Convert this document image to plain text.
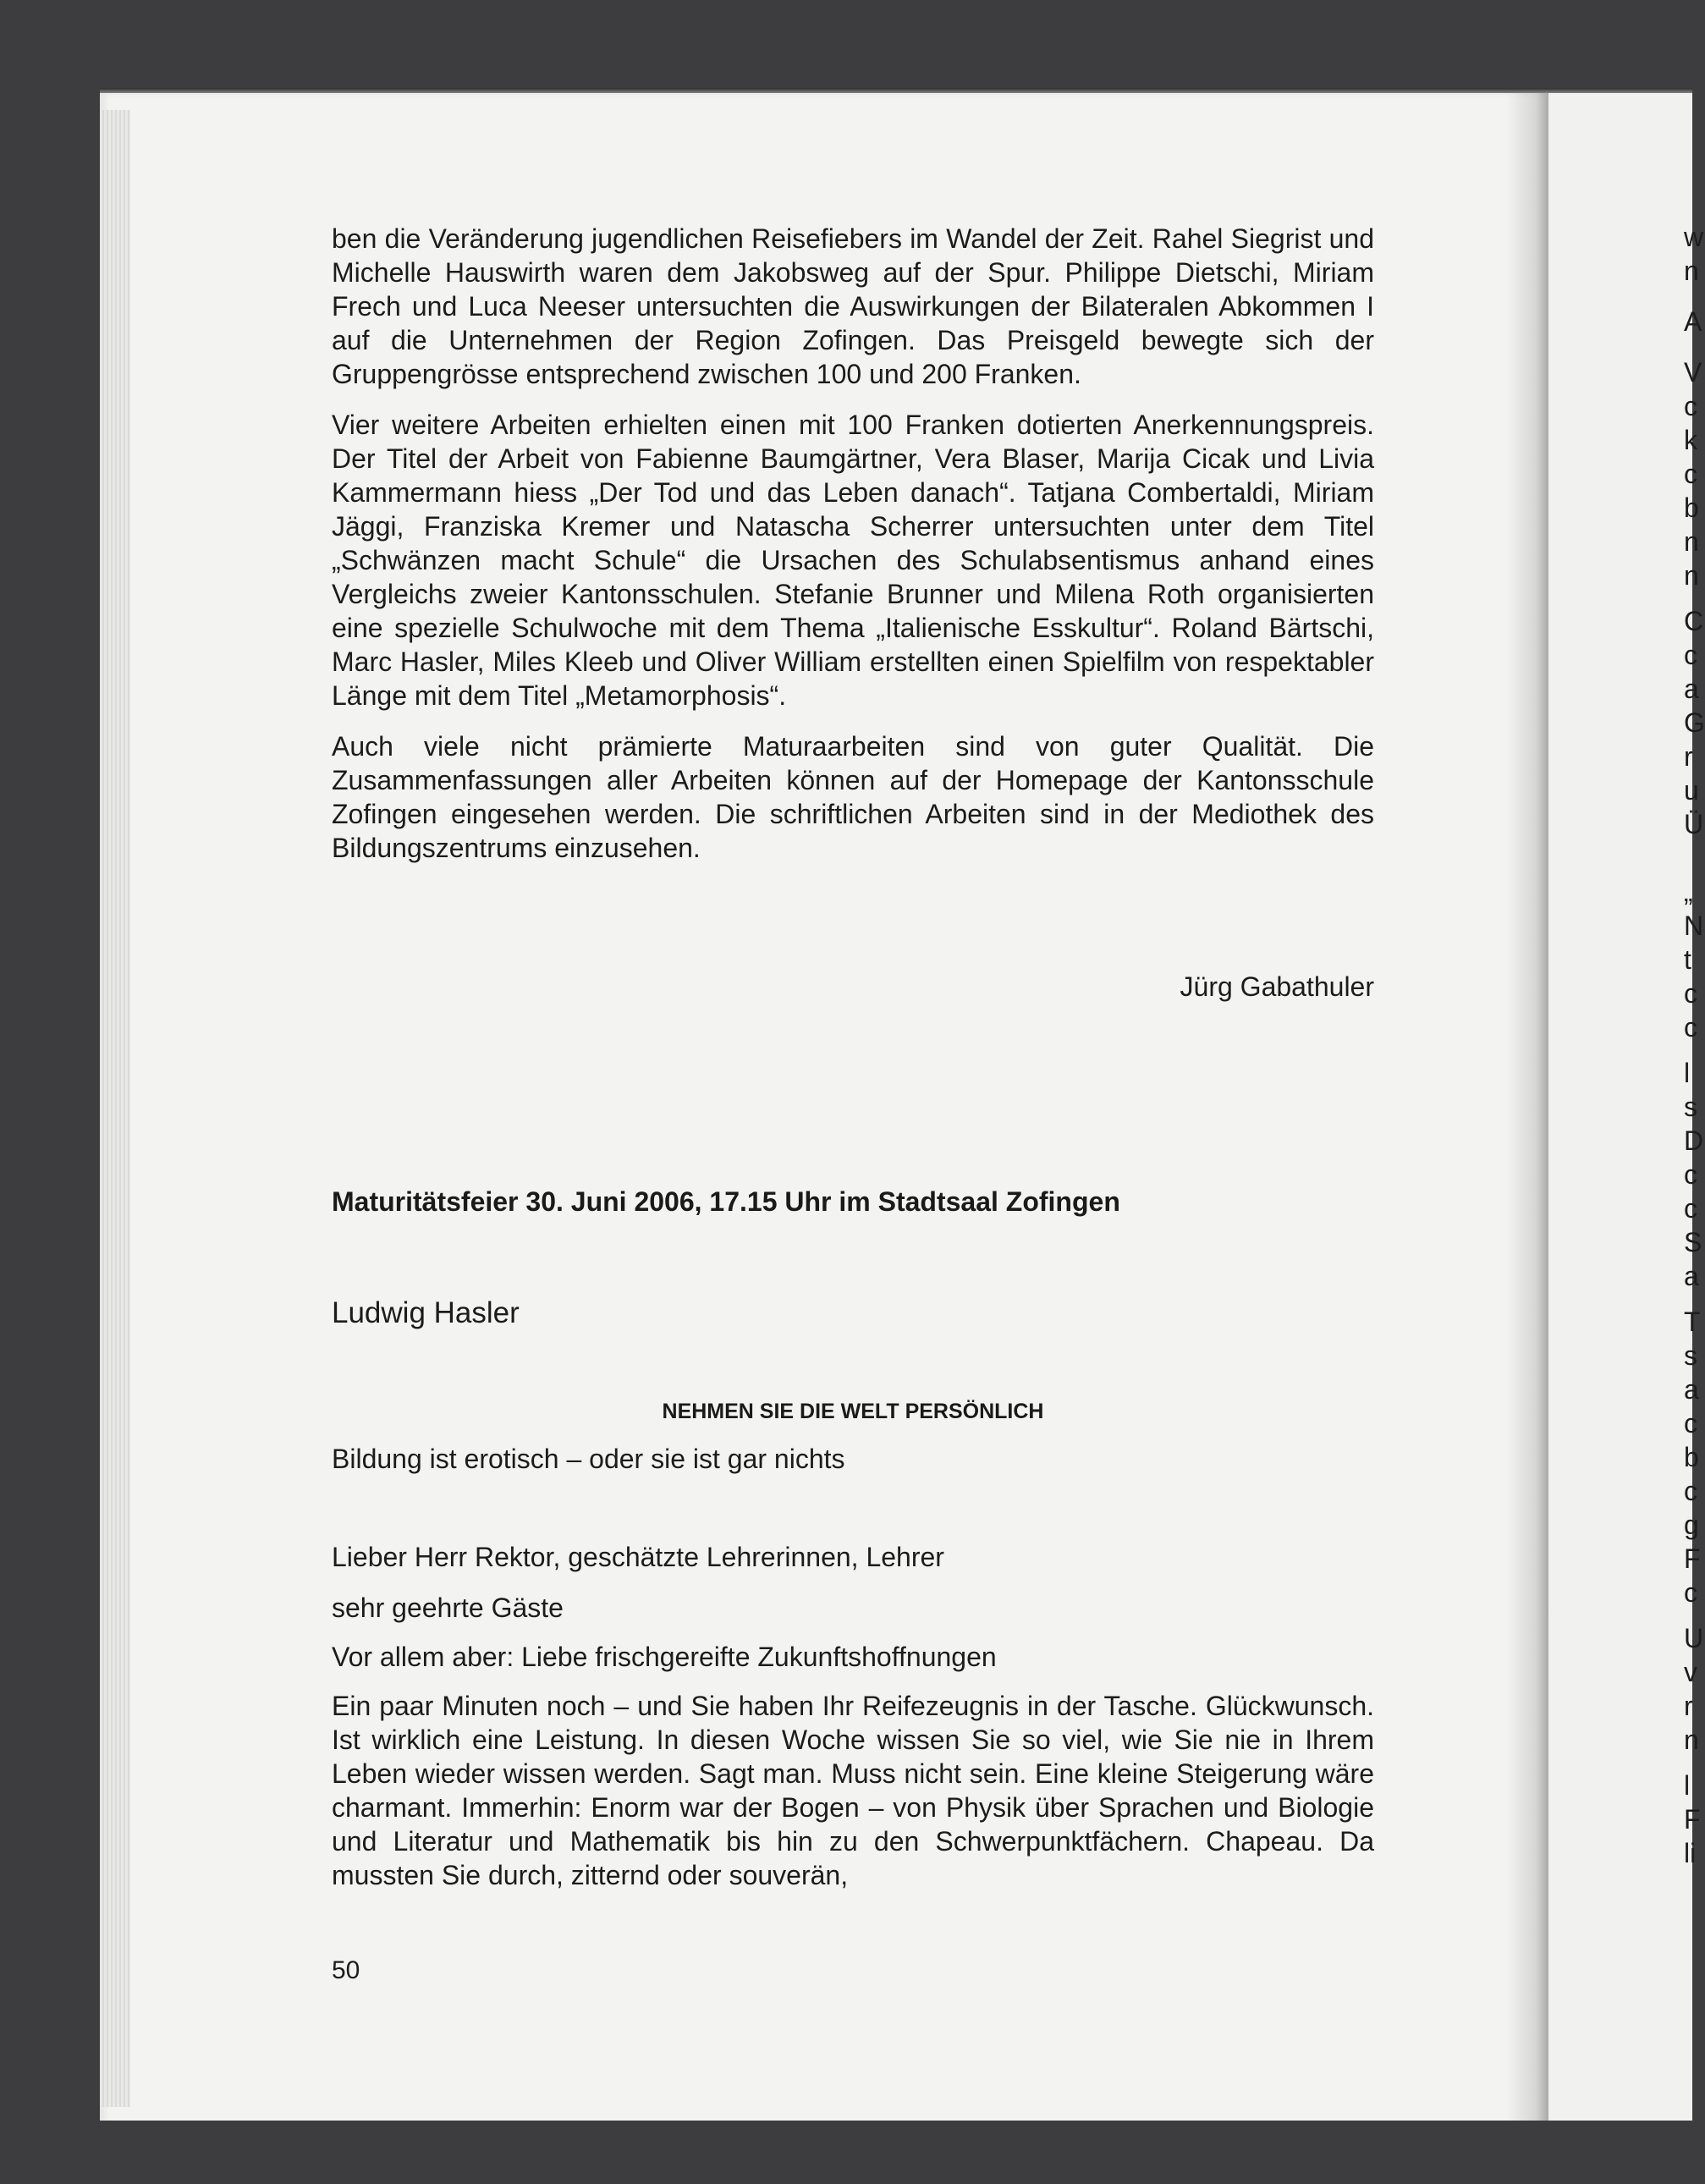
ben die Veränderung jugendlichen Reisefiebers im Wandel der Zeit. Rahel Siegrist und Michelle Hauswirth waren dem Jakobsweg auf der Spur. Philippe Dietschi, Miriam Frech und Luca Neeser untersuchten die Auswirkungen der Bilateralen Abkommen I auf die Unternehmen der Region Zofingen. Das Preisgeld bewegte sich der Gruppengrösse entsprechend zwischen 100 und 200 Franken.

Vier weitere Arbeiten erhielten einen mit 100 Franken dotierten Anerkennungspreis. Der Titel der Arbeit von Fabienne Baumgärtner, Vera Blaser, Marija Cicak und Livia Kammermann hiess „Der Tod und das Leben danach“. Tatjana Combertaldi, Miriam Jäggi, Franziska Kremer und Natascha Scherrer untersuchten unter dem Titel „Schwänzen macht Schule“ die Ursachen des Schulabsentismus anhand eines Vergleichs zweier Kantonsschulen. Stefanie Brunner und Milena Roth organisierten eine spezielle Schulwoche mit dem Thema „Italienische Esskultur“. Roland Bärtschi, Marc Hasler, Miles Kleeb und Oliver William erstellten einen Spielfilm von respektabler Länge mit dem Titel „Metamorphosis“.

Auch viele nicht prämierte Maturaarbeiten sind von guter Qualität. Die Zusammenfassungen aller Arbeiten können auf der Homepage der Kantonsschule Zofingen eingesehen werden. Die schriftlichen Arbeiten sind in der Mediothek des Bildungszentrums einzusehen.

Jürg Gabathuler
Maturitätsfeier 30. Juni 2006, 17.15 Uhr im Stadtsaal Zofingen
Ludwig Hasler
NEHMEN SIE DIE WELT PERSÖNLICH
Bildung ist erotisch – oder sie ist gar nichts
Lieber Herr Rektor, geschätzte Lehrerinnen, Lehrer
sehr geehrte Gäste
Vor allem aber: Liebe frischgereifte Zukunftshoffnungen

Ein paar Minuten noch – und Sie haben Ihr Reifezeugnis in der Tasche. Glückwunsch. Ist wirklich eine Leistung. In diesen Woche wissen Sie so viel, wie Sie nie in Ihrem Leben wieder wissen werden. Sagt man. Muss nicht sein. Eine kleine Steigerung wäre charmant. Immerhin: Enorm war der Bogen – von Physik über Sprachen und Biologie und Literatur und Mathematik bis hin zu den Schwerpunktfächern. Chapeau. Da mussten Sie durch, zitternd oder souverän,

50
w
n
A
V
c
k
c
b
n
n
C
c
a
G
r
u
Ü
„
N
t
c
c
l
s
D
c
c
S
a
T
s
a
c
b
c
g
F
c
U
v
r
n
l
F
li
